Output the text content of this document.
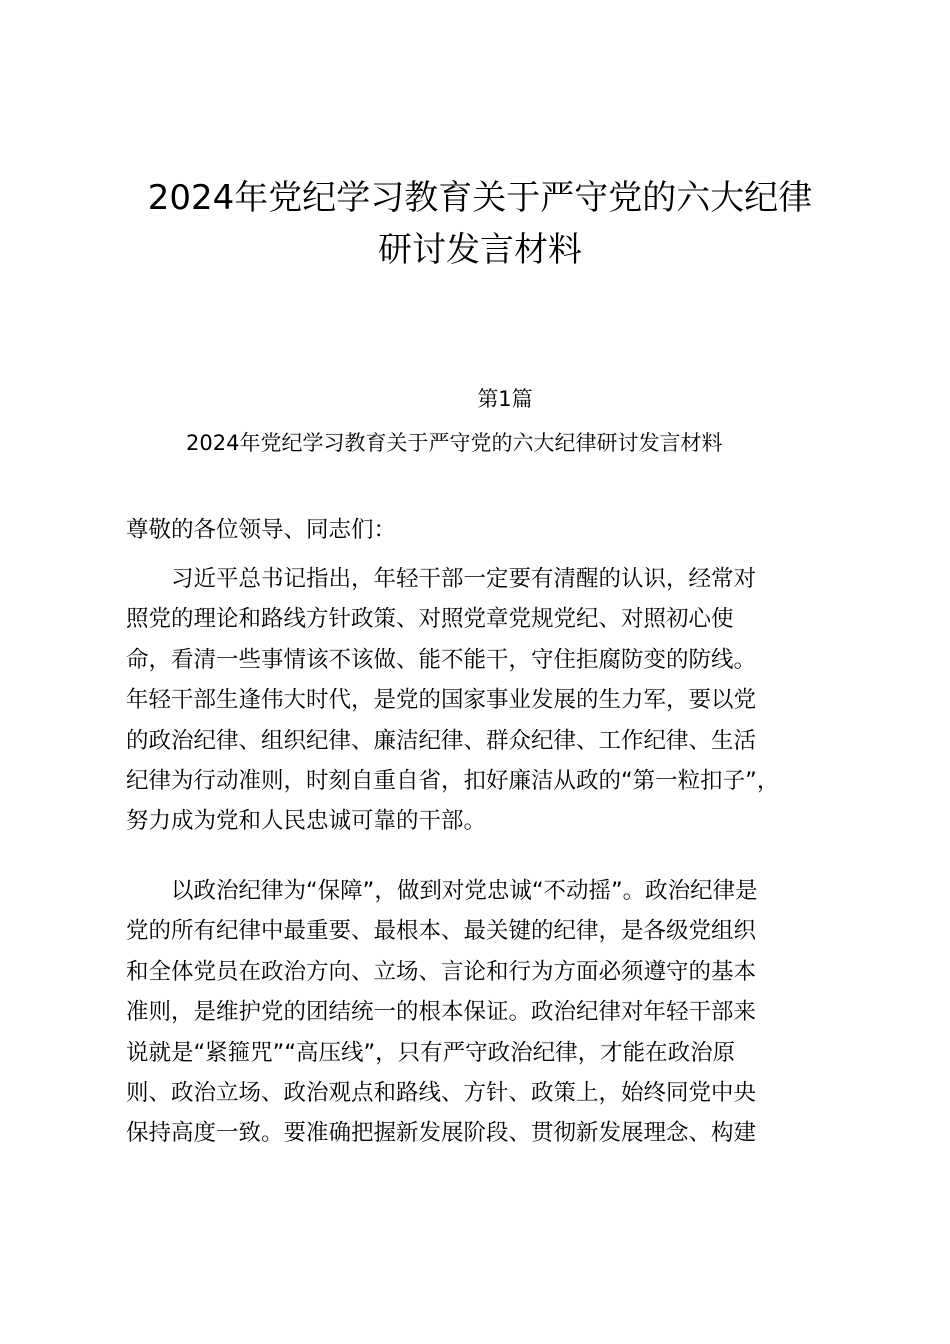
2024年党纪学习教育关于严守党的六大纪律
研讨发言材料
第1篇
2024年党纪学习教育关于严守党的六大纪律研讨发言材料
尊敬的各位领导、同志们：
　　习近平总书记指出，年轻干部一定要有清醒的认识，经常对
照党的理论和路线方针政策、对照党章党规党纪、对照初心使
命，看清一些事情该不该做、能不能干，守住拒腐防变的防线。
年轻干部生逢伟大时代，是党的国家事业发展的生力军，要以党
的政治纪律、组织纪律、廉洁纪律、群众纪律、工作纪律、生活
纪律为行动准则，时刻自重自省，扣好廉洁从政的“第一粒扣子”，
努力成为党和人民忠诚可靠的干部。
　　以政治纪律为“保障”，做到对党忠诚“不动摇”。政治纪律是
党的所有纪律中最重要、最根本、最关键的纪律，是各级党组织
和全体党员在政治方向、立场、言论和行为方面必须遵守的基本
准则，是维护党的团结统一的根本保证。政治纪律对年轻干部来
说就是“紧箍咒”“高压线”，只有严守政治纪律，才能在政治原
则、政治立场、政治观点和路线、方针、政策上，始终同党中央
保持高度一致。要准确把握新发展阶段、贯彻新发展理念、构建
